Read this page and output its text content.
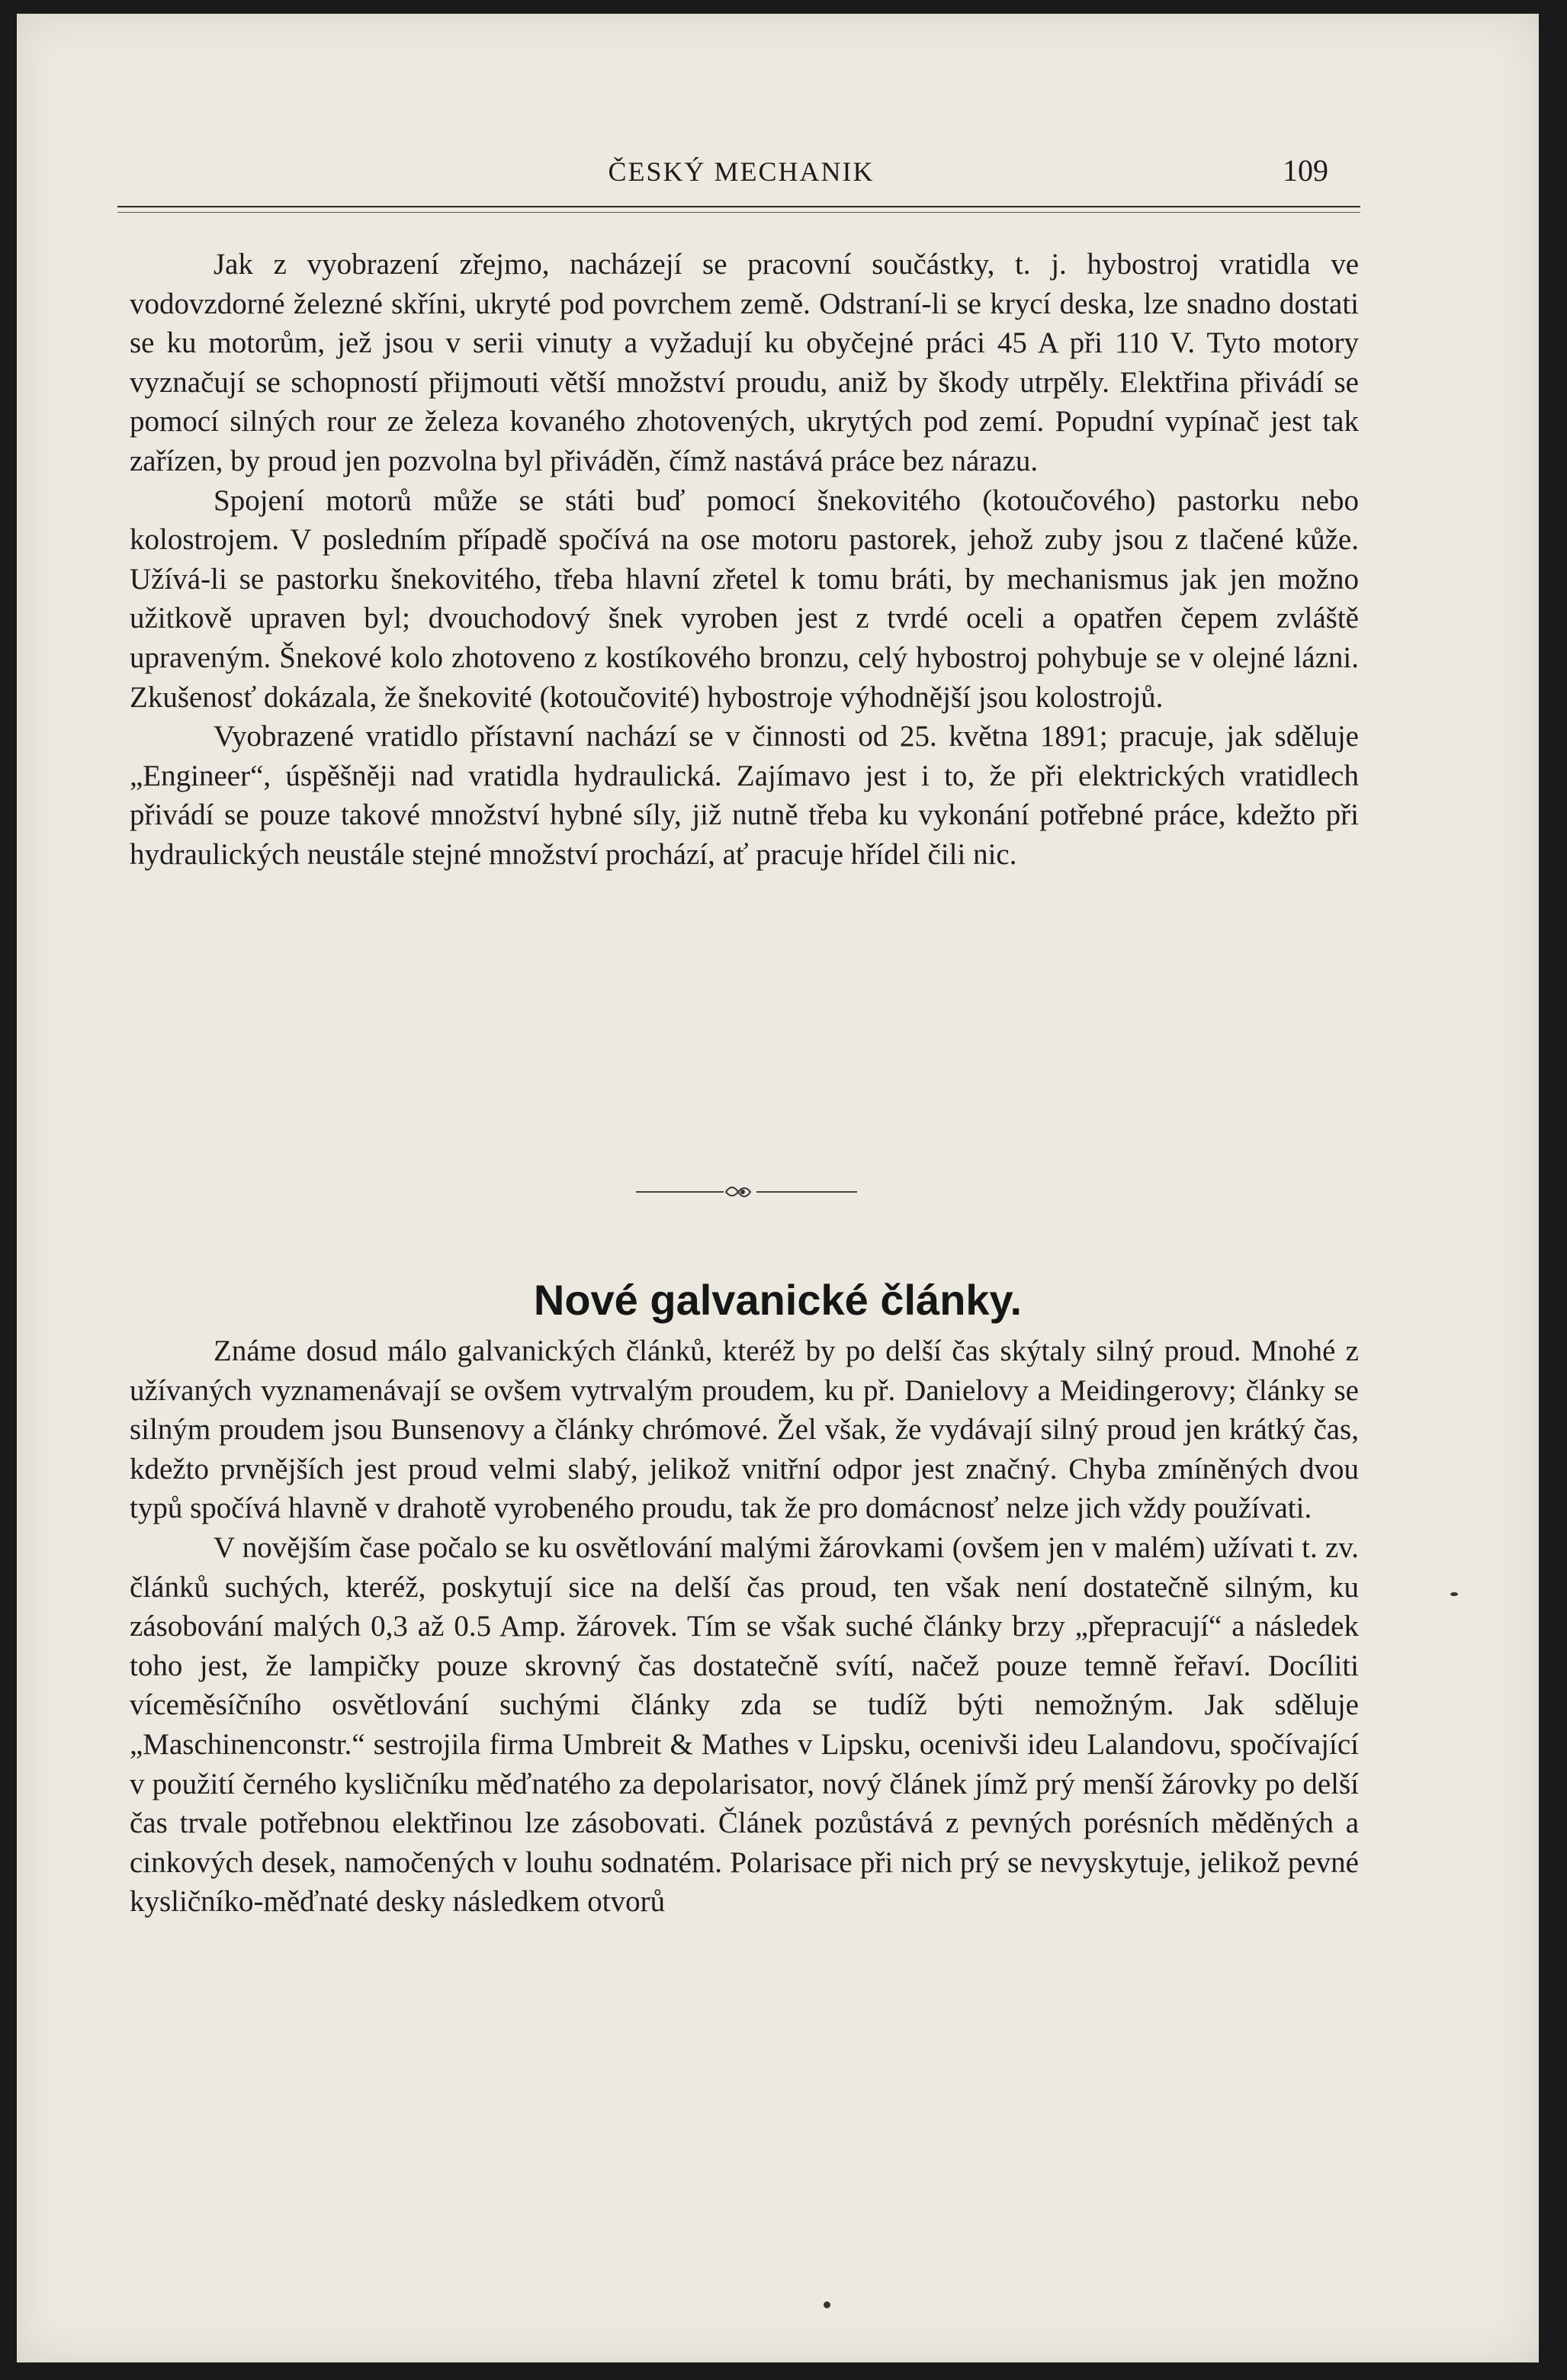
ČESKÝ MECHANIK	109

Jak z vyobrazení zřejmo, nacházejí se pracovní součástky, t. j. hybostroj vratidla ve vodovzdorné železné skříni, ukryté pod povrchem země. Odstraní-li se krycí deska, lze snadno dostati se ku motorům, jež jsou v serii vinuty a vyžadují ku obyčejné práci 45 A při 110 V. Tyto motory vyznačují se schopností přijmouti větší množství proudu, aniž by škody utrpěly. Elektřina přivádí se pomocí silných rour ze železa kovaného zhotovených, ukrytých pod zemí. Popudní vypínač jest tak zařízen, by proud jen pozvolna byl přiváděn, čímž nastává práce bez nárazu.

Spojení motorů může se státi buď pomocí šnekovitého (kotoučového) pastorku nebo kolostrojem. V posledním případě spočívá na ose motoru pastorek, jehož zuby jsou z tlačené kůže. Užívá-li se pastorku šnekovitého, třeba hlavní zřetel k tomu bráti, by mechanismus jak jen možno užitkově upraven byl; dvouchodový šnek vyroben jest z tvrdé oceli a opatřen čepem zvláště upraveným. Šnekové kolo zhotoveno z kostíkového bronzu, celý hybostroj pohybuje se v olejné lázni. Zkušenosť dokázala, že šnekovité (kotoučovité) hybostroje výhodnější jsou kolostrojů.

Vyobrazené vratidlo přístavní nachází se v činnosti od 25. května 1891; pracuje, jak sděluje „Engineer“, úspěšněji nad vratidla hydraulická. Zajímavo jest i to, že při elektrických vratidlech přivádí se pouze takové množství hybné síly, již nutně třeba ku vykonání potřebné práce, kdežto při hydraulických neustále stejné množství prochází, ať pracuje hřídel čili nic.

Nové galvanické články.

Známe dosud málo galvanických článků, kteréž by po delší čas skýtaly silný proud. Mnohé z užívaných vyznamenávají se ovšem vytrvalým proudem, ku př. Danielovy a Meidingerovy; články se silným proudem jsou Bunsenovy a články chrómové. Žel však, že vydávají silný proud jen krátký čas, kdežto prvnějších jest proud velmi slabý, jelikož vnitřní odpor jest značný. Chyba zmíněných dvou typů spočívá hlavně v drahotě vyrobeného proudu, tak že pro domácnosť nelze jich vždy používati.

V novějším čase počalo se ku osvětlování malými žárovkami (ovšem jen v malém) užívati t. zv. článků suchých, kteréž, poskytují sice na delší čas proud, ten však není dostatečně silným, ku zásobování malých 0,3 až 0.5 Amp. žárovek. Tím se však suché články brzy „přepracují“ a následek toho jest, že lampičky pouze skrovný čas dostatečně svítí, načež pouze temně řeřaví. Docíliti víceměsíčního osvětlování suchými články zda se tudíž býti nemožným. Jak sděluje „Maschinenconstr.“ sestrojila firma Umbreit & Mathes v Lipsku, ocenivši ideu Lalandovu, spočívající v použití černého kysličníku měďnatého za depolarisator, nový článek jímž prý menší žárovky po delší čas trvale potřebnou elektřinou lze zásobovati. Článek pozůstává z pevných porésních měděných a cinkových desek, namočených v louhu sodnatém. Polarisace při nich prý se nevyskytuje, jelikož pevné kysličníko-měďnaté desky následkem otvorů
